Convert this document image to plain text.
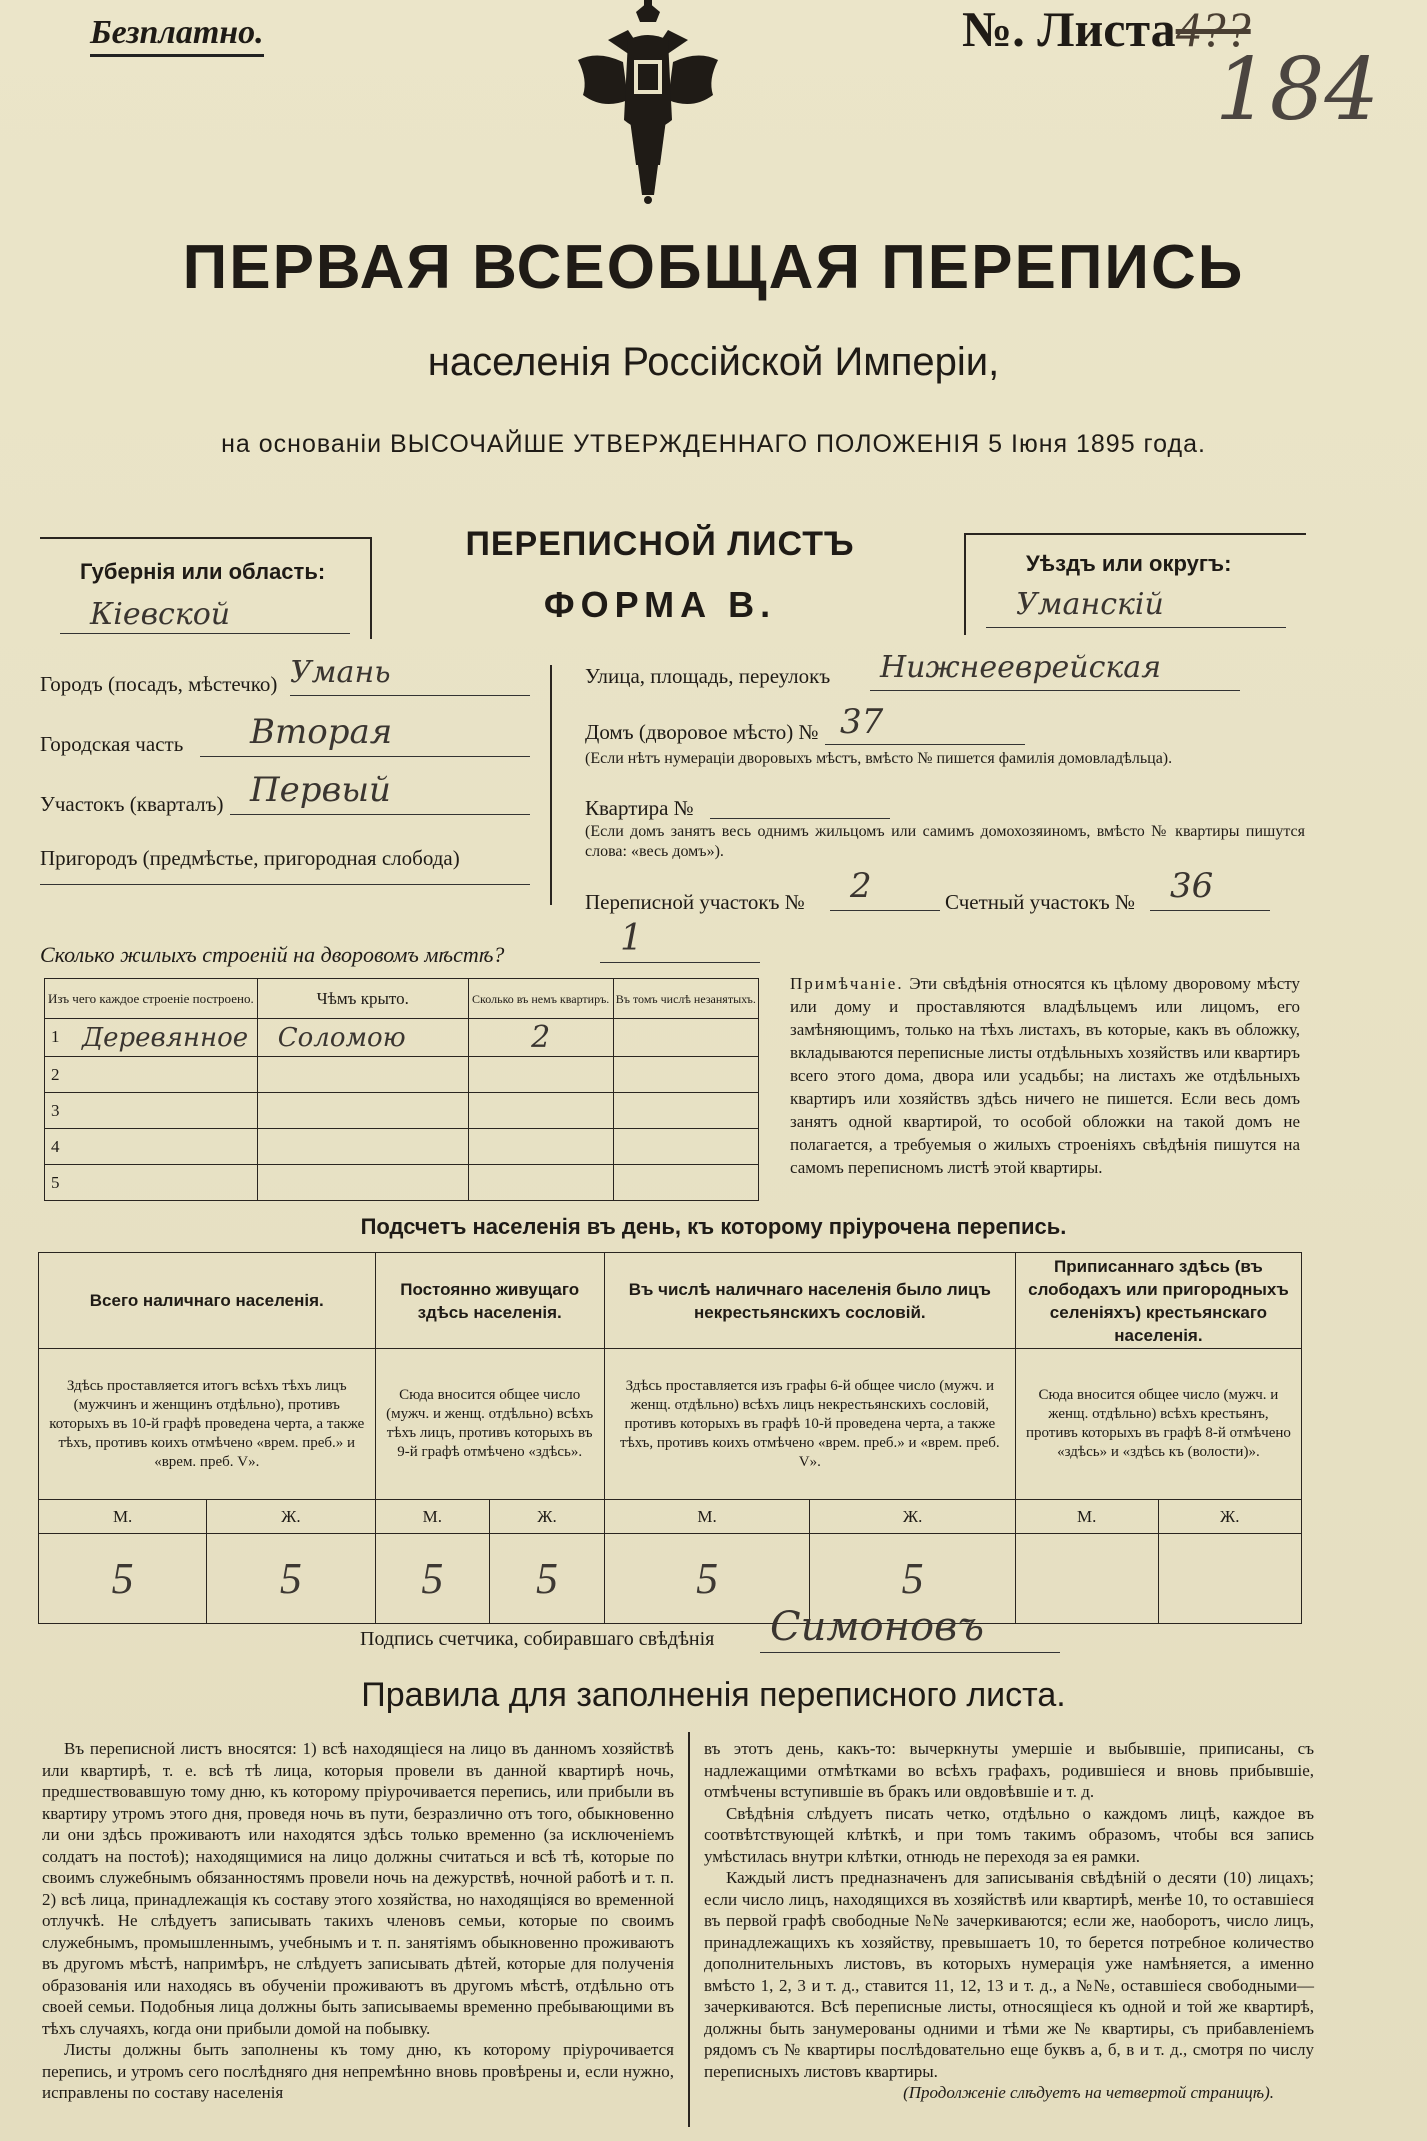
Безплатно.	№. Листа4??
184
ПЕРВАЯ ВСЕОБЩАЯ ПЕРЕПИСЬ
населенія Россійской Имперіи,
на основаніи ВЫСОЧАЙШЕ УТВЕРЖДЕННАГО ПОЛОЖЕНІЯ 5 Іюня 1895 года.
Губернія или область:
Кіевской
ПЕРЕПИСНОЙ ЛИСТЪ
ФОРМА В.
Уѣздъ или округъ:
Уманскій
Городъ (посадъ, мѣстечко) Умань
Городская часть Вторая
Участокъ (кварталъ) Первый
Пригородъ (предмѣстье, пригородная слобода)
Улица, площадь, переулокъ Нижнееврейская
Домъ (дворовое мѣсто) № 37
(Если нѣтъ нумераціи дворовыхъ мѣстъ, вмѣсто № пишется фамилія домовладѣльца).
Квартира №
(Если домъ занятъ весь однимъ жильцомъ или самимъ домохозяиномъ, вмѣсто № квартиры пишутся слова: «весь домъ»).
Переписной участокъ № 2	Счетный участокъ № 36
Сколько жилыхъ строеній на дворовомъ мѣстѣ?	1
Изъ чего каждое строеніе построено.	Чѣмъ крыто.	Сколько въ немъ квартиръ.	Въ томъ числѣ незанятыхъ.

1 Деревянное	Соломою	2	
2			
3			
4			
5			
Примѣчаніе. Эти свѣдѣнія относятся къ цѣлому дворовому мѣсту или дому и проставляются владѣльцемъ или лицомъ, его замѣняющимъ, только на тѣхъ листахъ, въ которые, какъ въ обложку, вкладываются переписные листы отдѣльныхъ хозяйствъ или квартиръ всего этого дома, двора или усадьбы; на листахъ же отдѣльныхъ квартиръ или хозяйствъ здѣсь ничего не пишется. Если весь домъ занятъ одной квартирой, то особой обложки на такой домъ не полагается, а требуемыя о жилыхъ строеніяхъ свѣдѣнія пишутся на самомъ переписномъ листѣ этой квартиры.
Подсчетъ населенія въ день, къ которому пріурочена перепись.
Всего наличнаго населенія.		Постоянно живущаго здѣсь населенія.		Въ числѣ наличнаго населенія было лицъ некрестьянскихъ сословій.		Приписаннаго здѣсь (въ слободахъ или пригородныхъ селеніяхъ) крестьянскаго населенія.	
Здѣсь проставляется итогъ всѣхъ тѣхъ лицъ (мужчинъ и женщинъ отдѣльно), противъ которыхъ въ 10-й графѣ проведена черта, а также тѣхъ, противъ коихъ отмѣчено «врем. преб.» и «врем. преб. V».		Сюда вносится общее число (мужч. и женщ. отдѣльно) всѣхъ тѣхъ лицъ, противъ которыхъ въ 9-й графѣ отмѣчено «здѣсь».		Здѣсь проставляется изъ графы 6-й общее число (мужч. и женщ. отдѣльно) всѣхъ лицъ некрестьянскихъ сословій, противъ которыхъ въ графѣ 10-й проведена черта, а также тѣхъ, противъ коихъ отмѣчено «врем. преб.» и «врем. преб. V».		Сюда вносится общее число (мужч. и женщ. отдѣльно) всѣхъ крестьянъ, противъ которыхъ въ графѣ 8-й отмѣчено «здѣсь» и «здѣсь къ (волости)».	
М.	Ж.	М.	Ж.	М.	Ж.	М.	Ж.
5	5	5	5	5	5		
Подпись счетчика, собиравшаго свѣдѣнія Симоновъ
Правила для заполненія переписного листа.

Въ переписной листъ вносятся: 1) всѣ находящіеся на лицо въ данномъ хозяйствѣ или квартирѣ, т. е. всѣ тѣ лица, которыя провели въ данной квартирѣ ночь, предшествовавшую тому дню, къ которому пріурочивается перепись, или прибыли въ квартиру утромъ этого дня, проведя ночь въ пути, безразлично отъ того, обыкновенно ли они здѣсь проживаютъ или находятся здѣсь только временно (за исключеніемъ солдатъ на постоѣ); находящимися на лицо должны считаться и всѣ тѣ, которые по своимъ служебнымъ обязанностямъ провели ночь на дежурствѣ, ночной работѣ и т. п. 2) всѣ лица, принадлежащія къ составу этого хозяйства, но находящіяся во временной отлучкѣ. Не слѣдуетъ записывать такихъ членовъ семьи, которые по своимъ служебнымъ, промышленнымъ, учебнымъ и т. п. занятіямъ обыкновенно проживаютъ въ другомъ мѣстѣ, напримѣръ, не слѣдуетъ записывать дѣтей, которые для полученія образованія или находясь въ обученіи проживаютъ въ другомъ мѣстѣ, отдѣльно отъ своей семьи. Подобныя лица должны быть записываемы временно пребывающими въ тѣхъ случаяхъ, когда они прибыли домой на побывку.

Листы должны быть заполнены къ тому дню, къ которому пріурочивается перепись, и утромъ сего послѣдняго дня непремѣнно вновь провѣрены и, если нужно, исправлены по составу населенія

въ этотъ день, какъ-то: вычеркнуты умершіе и выбывшіе, приписаны, съ надлежащими отмѣтками во всѣхъ графахъ, родившіеся и вновь прибывшіе, отмѣчены вступившіе въ бракъ или овдовѣвшіе и т. д.

Свѣдѣнія слѣдуетъ писать четко, отдѣльно о каждомъ лицѣ, каждое въ соотвѣтствующей клѣткѣ, и при томъ такимъ образомъ, чтобы вся запись умѣстилась внутри клѣтки, отнюдь не переходя за ея рамки.

Каждый листъ предназначенъ для записыванія свѣдѣній о десяти (10) лицахъ; если число лицъ, находящихся въ хозяйствѣ или квартирѣ, менѣе 10, то оставшіеся въ первой графѣ свободные №№ зачеркиваются; если же, наоборотъ, число лицъ, принадлежащихъ къ хозяйству, превышаетъ 10, то берется потребное количество дополнительныхъ листовъ, въ которыхъ нумерація уже намѣняется, а именно вмѣсто 1, 2, 3 и т. д., ставится 11, 12, 13 и т. д., а №№, оставшіеся свободными—зачеркиваются. Всѣ переписные листы, относящіеся къ одной и той же квартирѣ, должны быть занумерованы одними и тѣми же № квартиры, съ прибавленіемъ рядомъ съ № квартиры послѣдовательно еще буквъ а, б, в и т. д., смотря по числу переписныхъ листовъ квартиры.

(Продолженіе слѣдуетъ на четвертой страницѣ).
